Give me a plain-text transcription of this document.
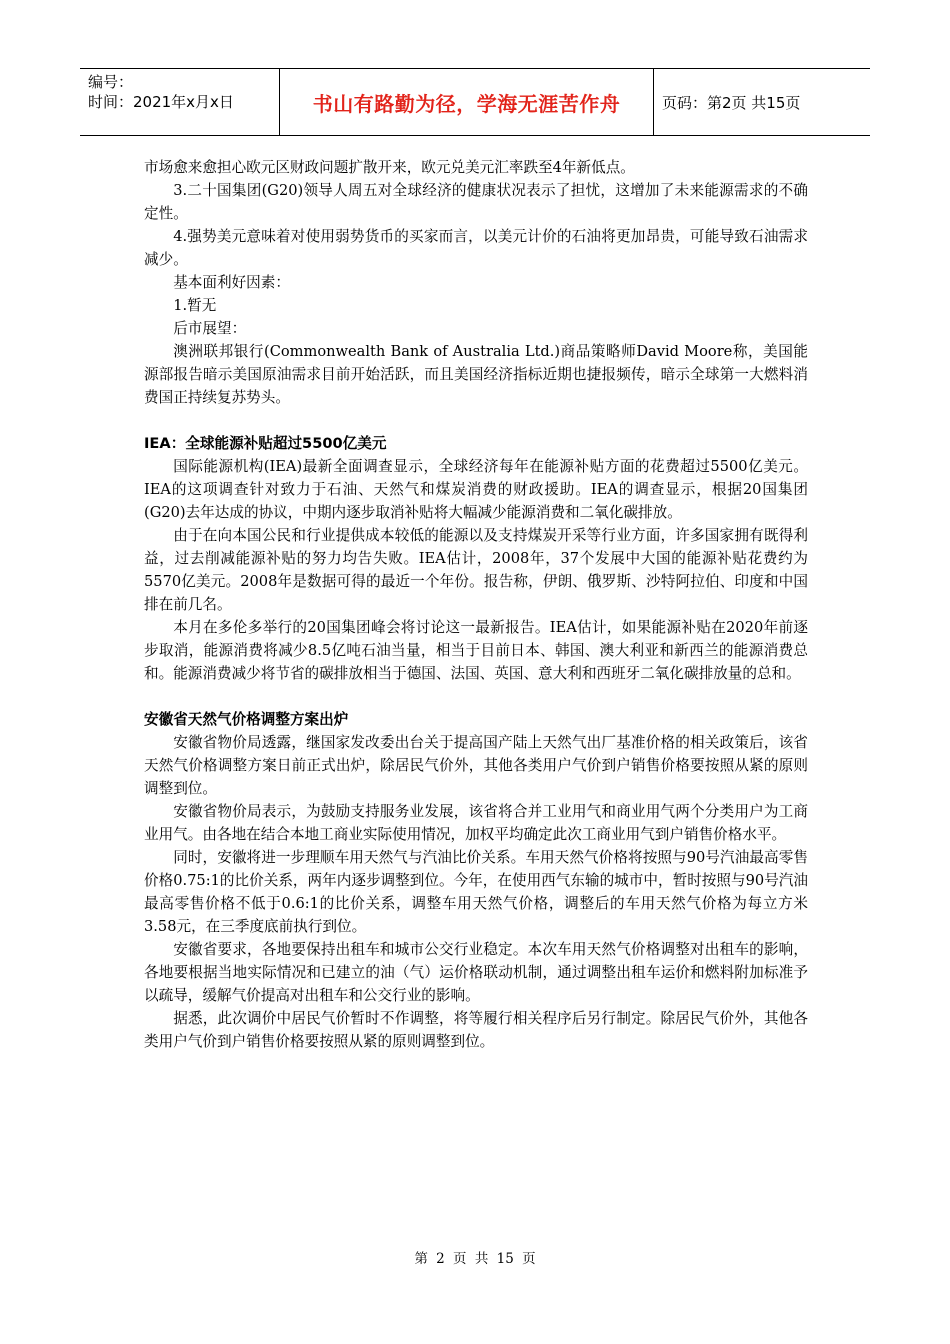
编号：
时间：2021年x月x日	书山有路勤为径，学海无涯苦作舟	页码：第2页 共15页

市场愈来愈担心欧元区财政问题扩散开来，欧元兑美元汇率跌至4年新低点。

3.二十国集团(G20)领导人周五对全球经济的健康状况表示了担忧，这增加了未来能源需求的不确定性。

4.强势美元意味着对使用弱势货币的买家而言，以美元计价的石油将更加昂贵，可能导致石油需求减少。

基本面利好因素：

1.暂无

后市展望：

澳洲联邦银行(Commonwealth Bank of Australia Ltd.)商品策略师David Moore称，美国能源部报告暗示美国原油需求目前开始活跃，而且美国经济指标近期也捷报频传，暗示全球第一大燃料消费国正持续复苏势头。

IEA：全球能源补贴超过5500亿美元

国际能源机构(IEA)最新全面调查显示，全球经济每年在能源补贴方面的花费超过5500亿美元。IEA的这项调查针对致力于石油、天然气和煤炭消费的财政援助。IEA的调查显示，根据20国集团(G20)去年达成的协议，中期内逐步取消补贴将大幅减少能源消费和二氧化碳排放。

由于在向本国公民和行业提供成本较低的能源以及支持煤炭开采等行业方面，许多国家拥有既得利益，过去削减能源补贴的努力均告失败。IEA估计，2008年，37个发展中大国的能源补贴花费约为5570亿美元。2008年是数据可得的最近一个年份。报告称，伊朗、俄罗斯、沙特阿拉伯、印度和中国排在前几名。

本月在多伦多举行的20国集团峰会将讨论这一最新报告。IEA估计，如果能源补贴在2020年前逐步取消，能源消费将减少8.5亿吨石油当量，相当于目前日本、韩国、澳大利亚和新西兰的能源消费总和。能源消费减少将节省的碳排放相当于德国、法国、英国、意大利和西班牙二氧化碳排放量的总和。

安徽省天然气价格调整方案出炉

安徽省物价局透露，继国家发改委出台关于提高国产陆上天然气出厂基准价格的相关政策后，该省天然气价格调整方案日前正式出炉，除居民气价外，其他各类用户气价到户销售价格要按照从紧的原则调整到位。

安徽省物价局表示，为鼓励支持服务业发展，该省将合并工业用气和商业用气两个分类用户为工商业用气。由各地在结合本地工商业实际使用情况，加权平均确定此次工商业用气到户销售价格水平。

同时，安徽将进一步理顺车用天然气与汽油比价关系。车用天然气价格将按照与90号汽油最高零售价格0.75:1的比价关系，两年内逐步调整到位。今年，在使用西气东输的城市中，暂时按照与90号汽油最高零售价格不低于0.6:1的比价关系，调整车用天然气价格，调整后的车用天然气价格为每立方米3.58元，在三季度底前执行到位。

安徽省要求，各地要保持出租车和城市公交行业稳定。本次车用天然气价格调整对出租车的影响，各地要根据当地实际情况和已建立的油（气）运价格联动机制，通过调整出租车运价和燃料附加标准予以疏导，缓解气价提高对出租车和公交行业的影响。

据悉，此次调价中居民气价暂时不作调整，将等履行相关程序后另行制定。除居民气价外，其他各类用户气价到户销售价格要按照从紧的原则调整到位。

第 2 页 共 15 页
